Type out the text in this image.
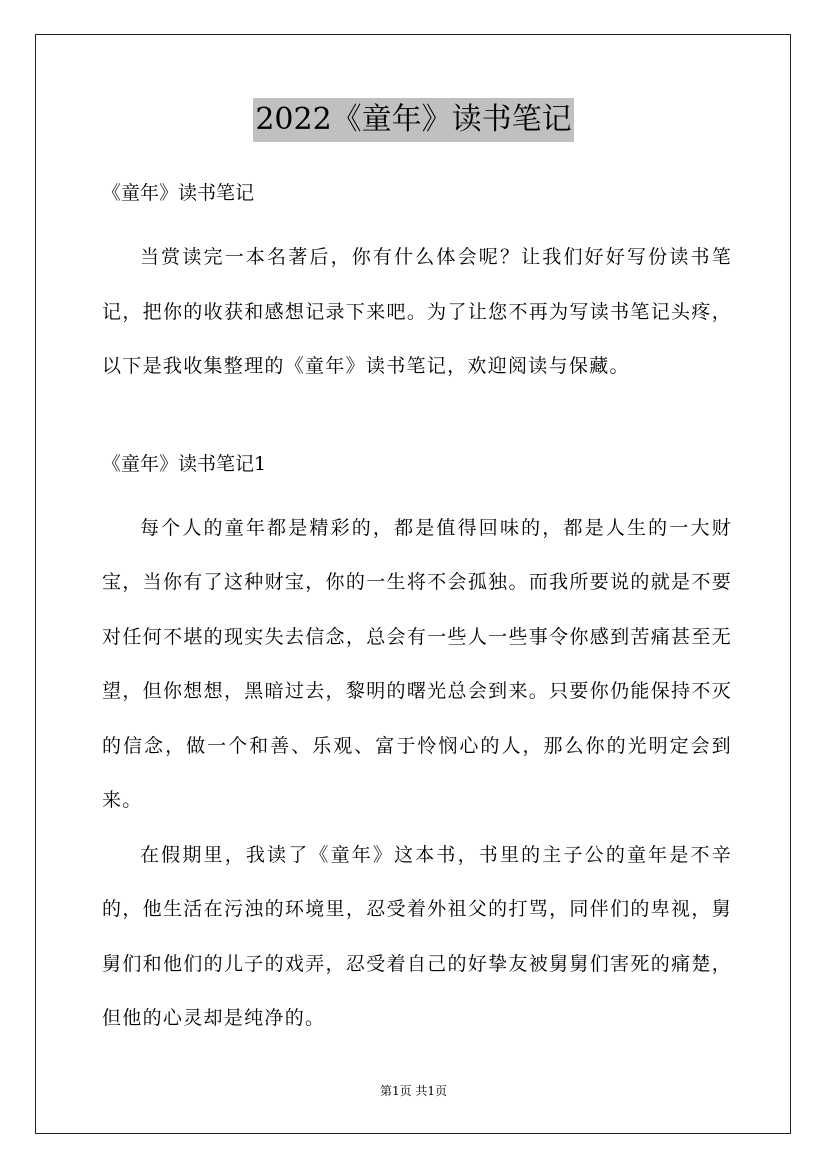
2022《童年》读书笔记

《童年》读书笔记

当赏读完一本名著后，你有什么体会呢？让我们好好写份读书笔记，把你的收获和感想记录下来吧。为了让您不再为写读书笔记头疼，以下是我收集整理的《童年》读书笔记，欢迎阅读与保藏。

《童年》读书笔记1

每个人的童年都是精彩的，都是值得回味的，都是人生的一大财宝，当你有了这种财宝，你的一生将不会孤独。而我所要说的就是不要对任何不堪的现实失去信念，总会有一些人一些事令你感到苦痛甚至无望，但你想想，黑暗过去，黎明的曙光总会到来。只要你仍能保持不灭的信念，做一个和善、乐观、富于怜悯心的人，那么你的光明定会到来。

在假期里，我读了《童年》这本书，书里的主子公的童年是不辛的，他生活在污浊的环境里，忍受着外祖父的打骂，同伴们的卑视，舅舅们和他们的儿子的戏弄，忍受着自己的好挚友被舅舅们害死的痛楚，但他的心灵却是纯净的。

第1页 共1页
